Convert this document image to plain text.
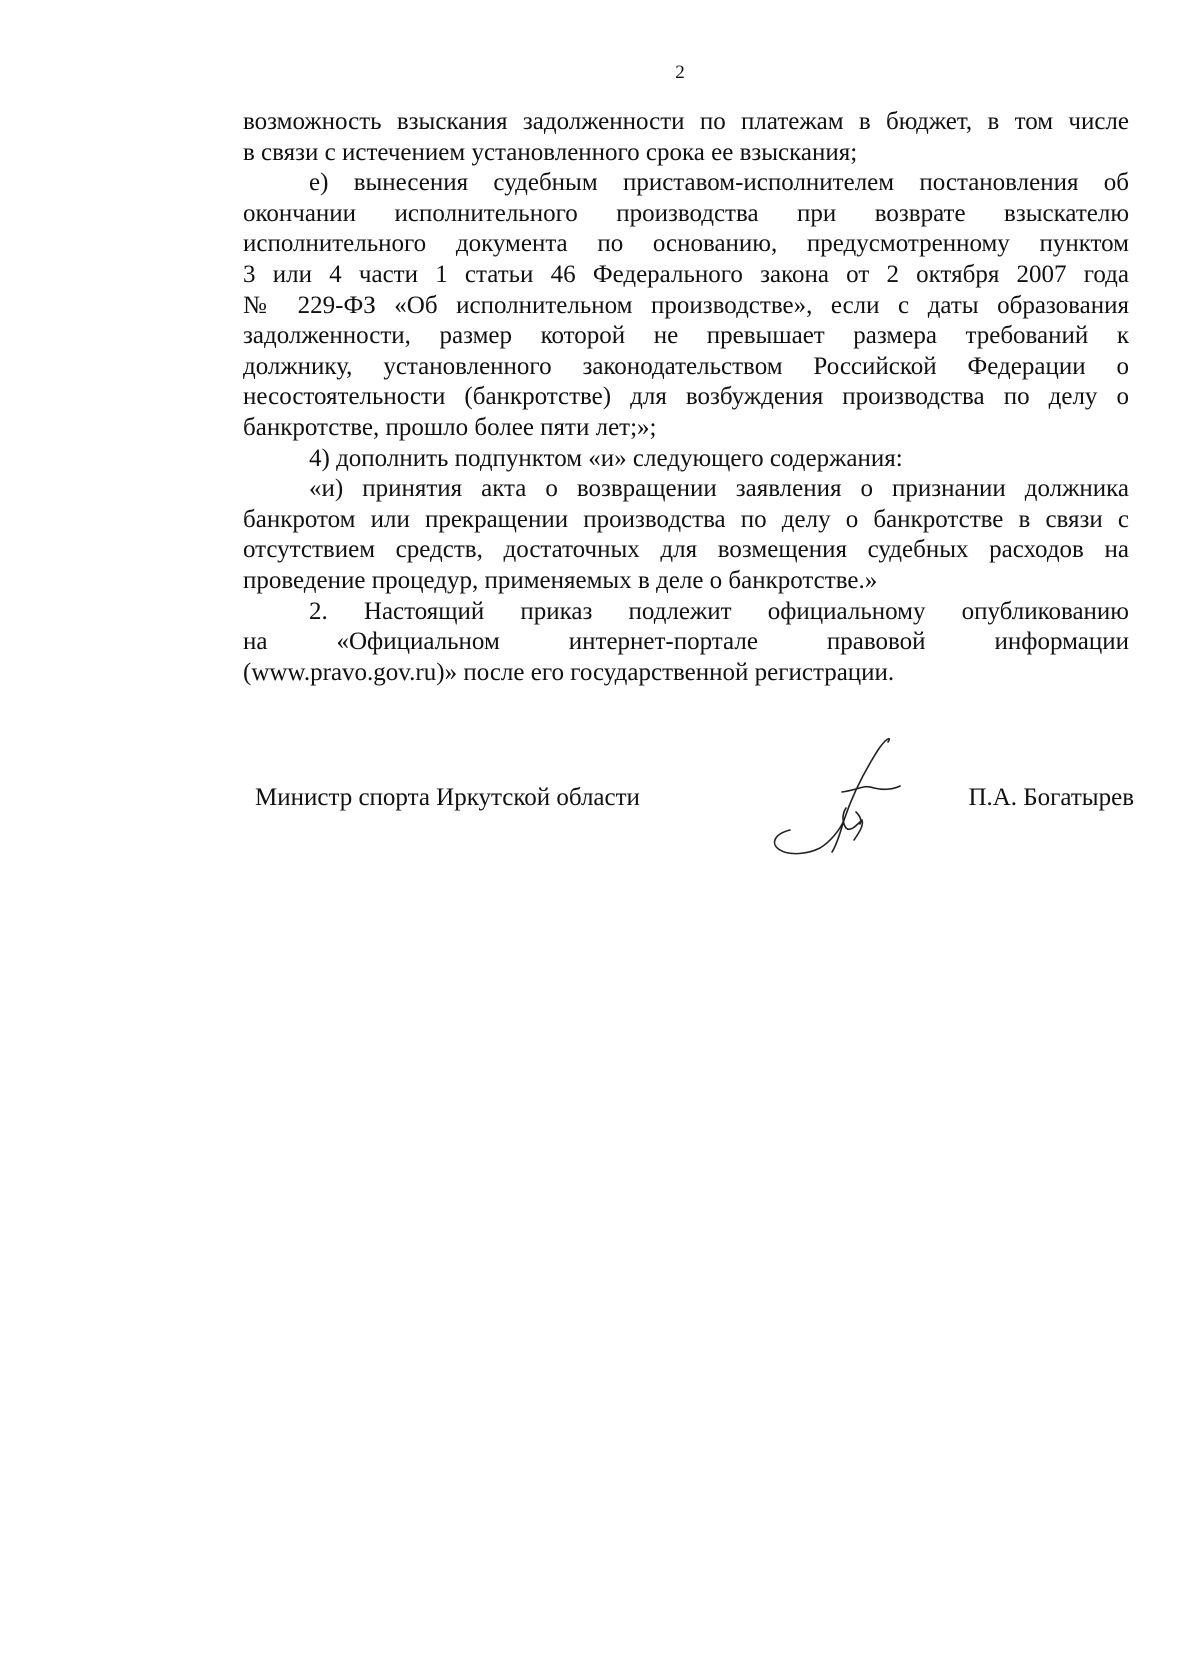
2
возможность взыскания задолженности по платежам в бюджет, в том числе
в связи с истечением установленного срока ее взыскания;
е) вынесения судебным приставом-исполнителем постановления об
окончании исполнительного производства при возврате взыскателю
исполнительного документа по основанию, предусмотренному пунктом
3 или 4 части 1 статьи 46 Федерального закона от 2 октября 2007 года
№ 229-ФЗ «Об исполнительном производстве», если с даты образования
задолженности, размер которой не превышает размера требований к
должнику, установленного законодательством Российской Федерации о
несостоятельности (банкротстве) для возбуждения производства по делу о
банкротстве, прошло более пяти лет;»;
4) дополнить подпунктом «и» следующего содержания:
«и) принятия акта о возвращении заявления о признании должника
банкротом или прекращении производства по делу о банкротстве в связи с
отсутствием средств, достаточных для возмещения судебных расходов на
проведение процедур, применяемых в деле о банкротстве.»
2. Настоящий приказ подлежит официальному опубликованию
на «Официальном интернет-портале правовой информации
(www.pravo.gov.ru)» после его государственной регистрации.
Министр спорта Иркутской области	П.А. Богатырев
